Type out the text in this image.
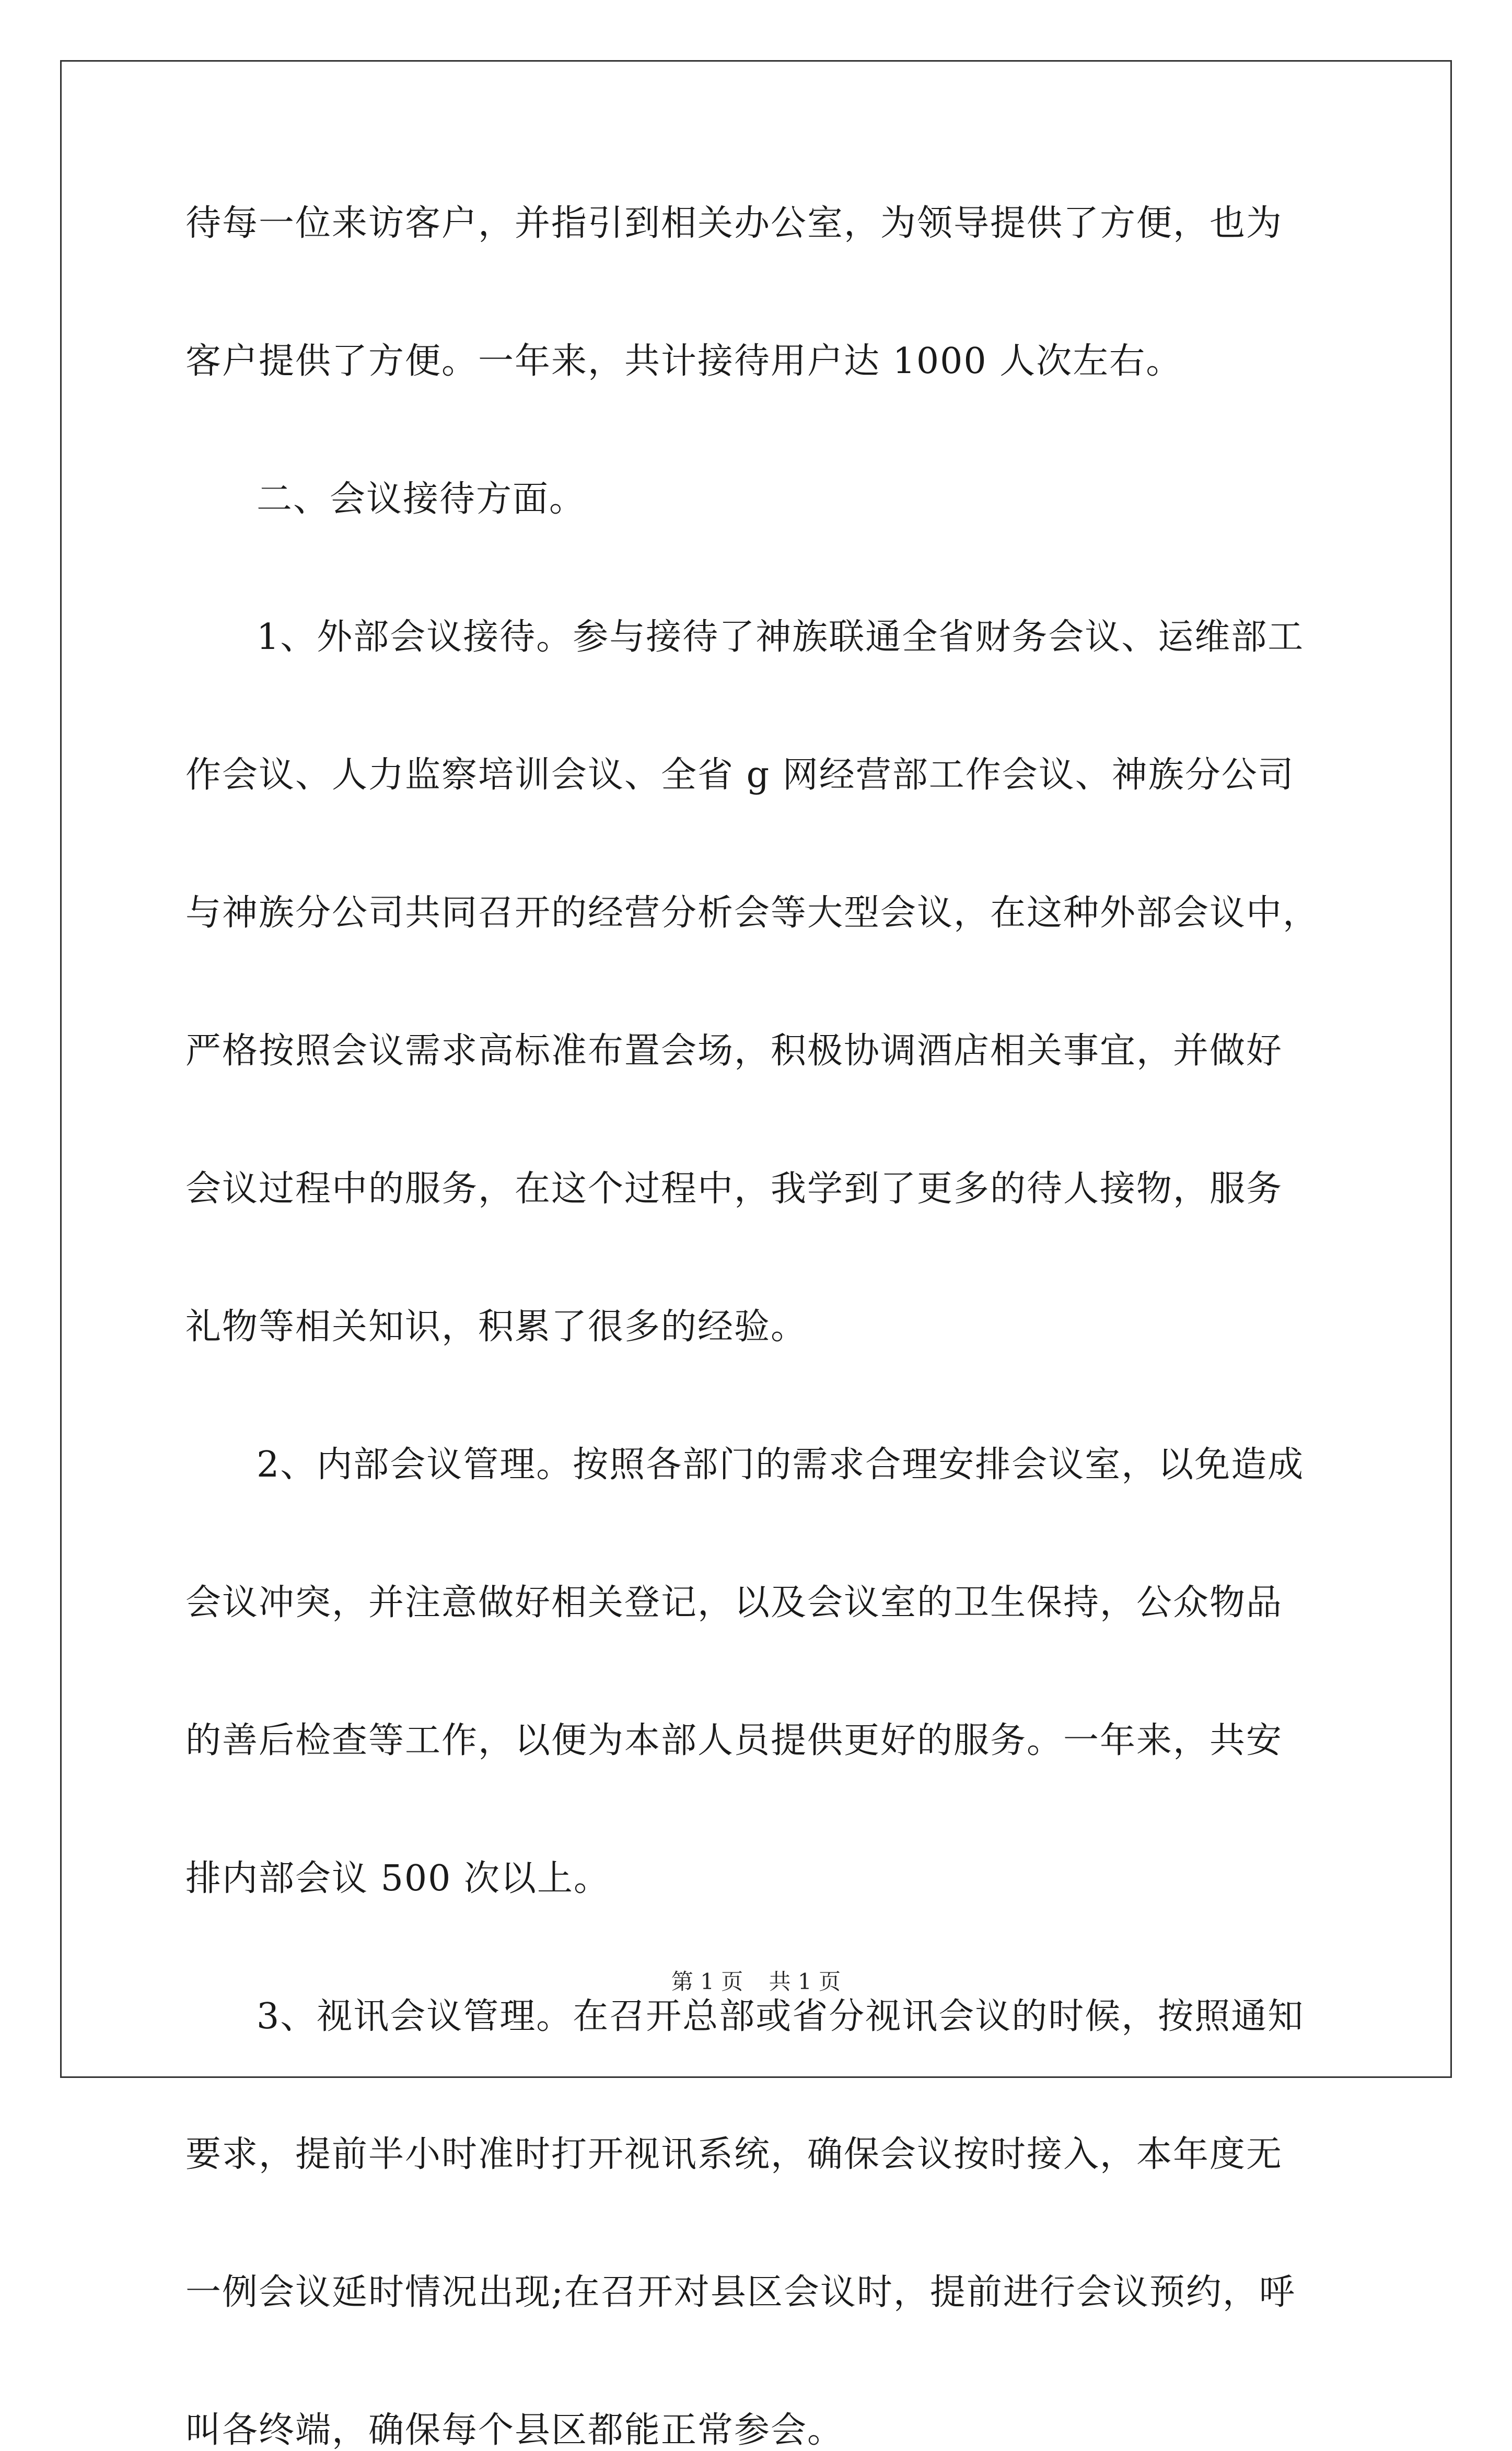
待每一位来访客户，并指引到相关办公室，为领导提供了方便，也为
客户提供了方便。一年来，共计接待用户达 1000 人次左右。
二、会议接待方面。
1、外部会议接待。参与接待了神族联通全省财务会议、运维部工
作会议、人力监察培训会议、全省 g 网经营部工作会议、神族分公司
与神族分公司共同召开的经营分析会等大型会议，在这种外部会议中，
严格按照会议需求高标准布置会场，积极协调酒店相关事宜，并做好
会议过程中的服务，在这个过程中，我学到了更多的待人接物，服务
礼物等相关知识，积累了很多的经验。
2、内部会议管理。按照各部门的需求合理安排会议室，以免造成
会议冲突，并注意做好相关登记，以及会议室的卫生保持，公众物品
的善后检查等工作，以便为本部人员提供更好的服务。一年来，共安
排内部会议 500 次以上。
3、视讯会议管理。在召开总部或省分视讯会议的时候，按照通知
要求，提前半小时准时打开视讯系统，确保会议按时接入，本年度无
一例会议延时情况出现;在召开对县区会议时，提前进行会议预约，呼
叫各终端，确保每个县区都能正常参会。
第 1 页 共 1 页
